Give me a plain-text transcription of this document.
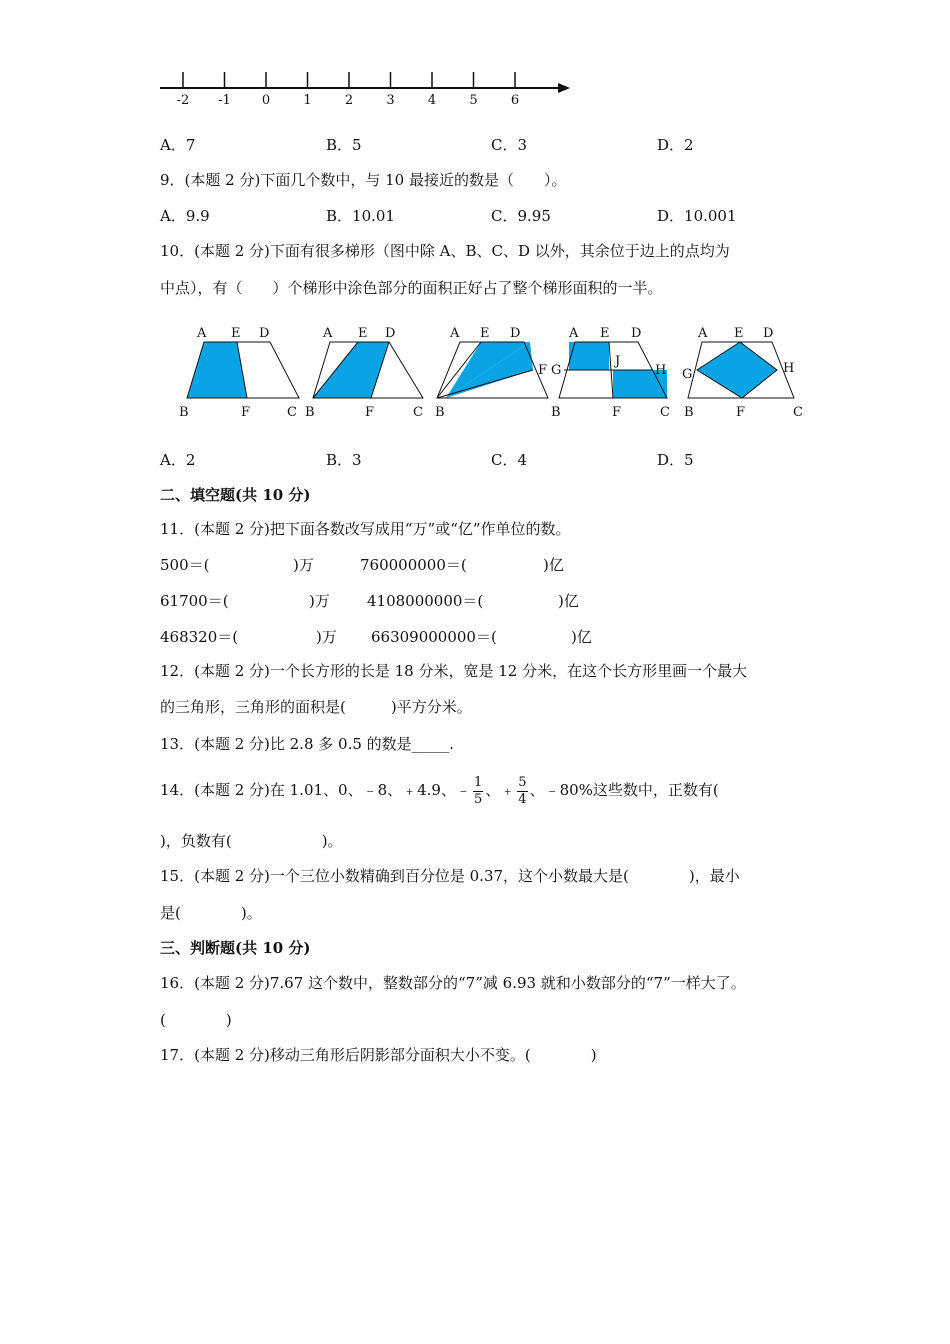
-2 -1 0	1	2	3	4	5	6
A．7	B．5	C．3	D．2
9．(本题 2 分)下面几个数中，与 10 最接近的数是（　　）。
A．9.9	B．10.01	C．9.95	D．10.001
10．(本题 2 分)下面有很多梯形（图中除 A、B、C、D 以外，其余位于边上的点均为
中点），有（　　）个梯形中涂色部分的面积正好占了整个梯形面积的一半。
A E D
B	F	C
A E D
B	F	C
A E D
F
B
A E D
J
G	H
B	F	C
A E D
G	H
B	F	C
A．2	B．3	C．4	D．5
二、填空题(共 10 分)
11．(本题 2 分)把下面各数改写成用“万”或“亿”作单位的数。
500＝(	)万	760000000＝(	)亿
61700＝(	)万 4108000000＝(	)亿
468320＝(	)万 66309000000＝(	)亿
12．(本题 2 分)一个长方形的长是 18 分米，宽是 12 分米，在这个长方形里画一个最大
的三角形，三角形的面积是(　　　)平方分米。
13．(本题 2 分)比 2.8 多 0.5 的数是_____.
14．(本题 2 分)在 1.01、0、﹣8、﹢4.9、﹣ $\frac{1}{5}$ 、﹢ $\frac{5}{4}$ 、﹣80%这些数中，正数有(
)，负数有(　　　　　　)。
15．(本题 2 分)一个三位小数精确到百分位是 0.37，这个小数最大是(　　　　)，最小
是(　　　　)。
三、判断题(共 10 分)
16．(本题 2 分)7.67 这个数中，整数部分的“7”减 6.93 就和小数部分的“7”一样大了。
(　　　　)
17．(本题 2 分)移动三角形后阴影部分面积大小不变。(　　　　)
